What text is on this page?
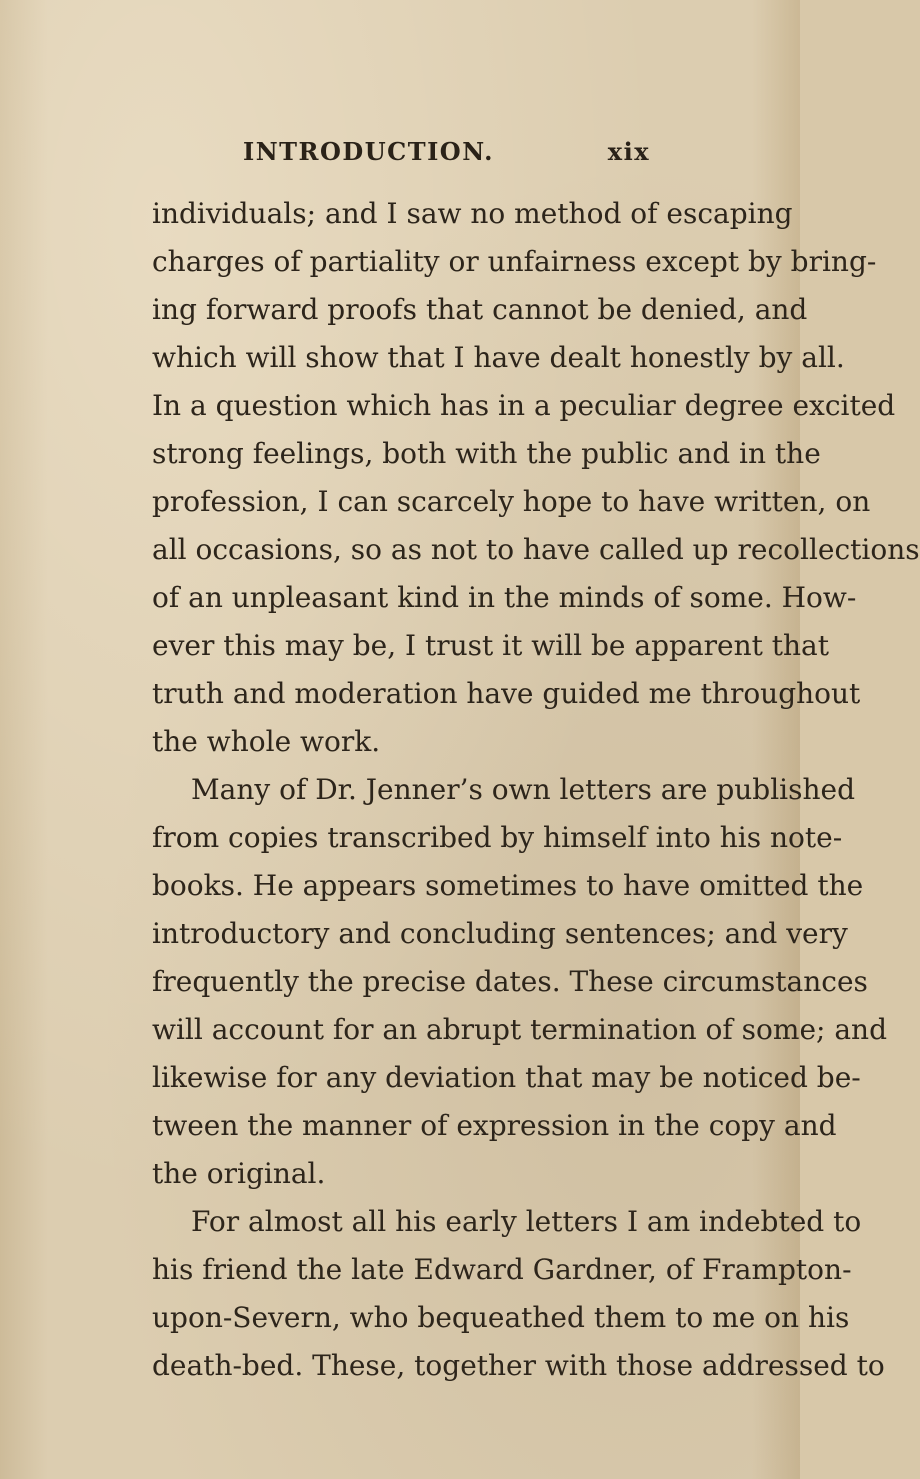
INTRODUCTION.	xix
individuals; and I saw no method of escaping
charges of partiality or unfairness except by bring-
ing forward proofs that cannot be denied, and
which will show that I have dealt honestly by all.
In a question which has in a peculiar degree excited
strong feelings, both with the public and in the
profession, I can scarcely hope to have written, on
all occasions, so as not to have called up recollections
of an unpleasant kind in the minds of some. How-
ever this may be, I trust it will be apparent that
truth and moderation have guided me throughout
the whole work.
Many of Dr. Jenner’s own letters are published
from copies transcribed by himself into his note-
books. He appears sometimes to have omitted the
introductory and concluding sentences; and very
frequently the precise dates. These circumstances
will account for an abrupt termination of some; and
likewise for any deviation that may be noticed be-
tween the manner of expression in the copy and
the original.
For almost all his early letters I am indebted to
his friend the late Edward Gardner, of Frampton-
upon-Severn, who bequeathed them to me on his
death-bed. These, together with those addressed to
